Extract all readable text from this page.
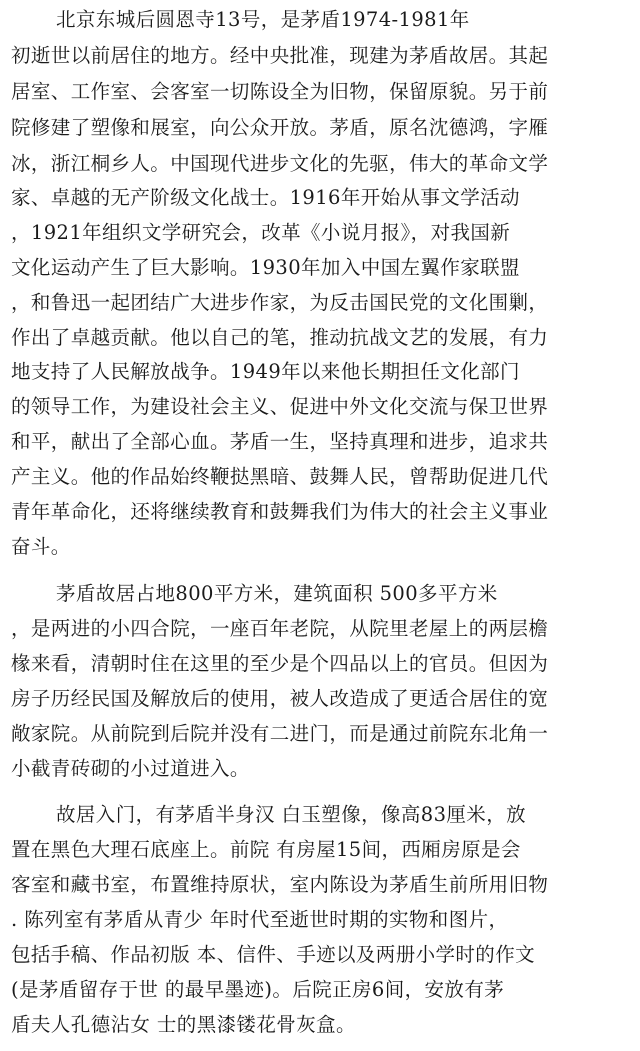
北京东城后圆恩寺13号，是茅盾1974-1981年
初逝世以前居住的地方。经中央批准，现建为茅盾故居。其起
居室、工作室、会客室一切陈设全为旧物，保留原貌。另于前
院修建了塑像和展室，向公众开放。茅盾，原名沈德鸿，字雁
冰，浙江桐乡人。中国现代进步文化的先驱，伟大的革命文学
家、卓越的无产阶级文化战士。1916年开始从事文学活动
，1921年组织文学研究会，改革《小说月报》，对我国新
文化运动产生了巨大影响。1930年加入中国左翼作家联盟
，和鲁迅一起团结广大进步作家，为反击国民党的文化围剿，
作出了卓越贡献。他以自己的笔，推动抗战文艺的发展，有力
地支持了人民解放战争。1949年以来他长期担任文化部门
的领导工作，为建设社会主义、促进中外文化交流与保卫世界
和平，献出了全部心血。茅盾一生，坚持真理和进步，追求共
产主义。他的作品始终鞭挞黑暗、鼓舞人民，曾帮助促进几代
青年革命化，还将继续教育和鼓舞我们为伟大的社会主义事业
奋斗。
茅盾故居占地800平方米，建筑面积 500多平方米
，是两进的小四合院，一座百年老院，从院里老屋上的两层檐
椽来看，清朝时住在这里的至少是个四品以上的官员。但因为
房子历经民国及解放后的使用，被人改造成了更适合居住的宽
敞家院。从前院到后院并没有二进门，而是通过前院东北角一
小截青砖砌的小过道进入。
故居入门，有茅盾半身汉 白玉塑像，像高83厘米，放
置在黑色大理石底座上。前院 有房屋15间，西厢房原是会
客室和藏书室，布置维持原状，室内陈设为茅盾生前所用旧物
. 陈列室有茅盾从青少 年时代至逝世时期的实物和图片，
包括手稿、作品初版 本、信件、手迹以及两册小学时的作文
(是茅盾留存于世 的最早墨迹)。后院正房6间，安放有茅
盾夫人孔德沾女 士的黑漆镂花骨灰盒。
